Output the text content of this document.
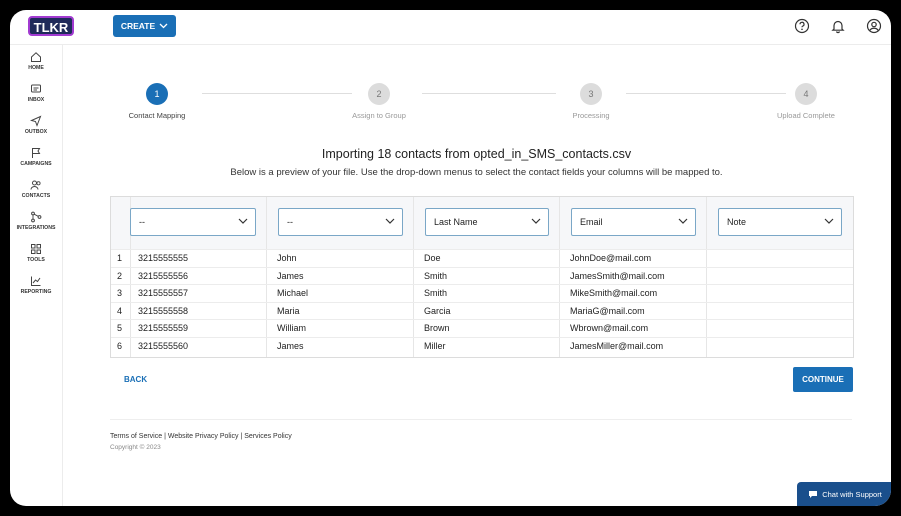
TLKR	CREATE
HOME
INBOX
OUTBOX
CAMPAIGNS
CONTACTS
INTEGRATIONS
TOOLS
REPORTING
1
Contact Mapping
2
Assign to Group
3
Processing
4
Upload Complete
Importing 18 contacts from opted_in_SMS_contacts.csv
Below is a preview of your file. Use the drop-down menus to select the contact fields your columns will be mapped to.
--	--	Last Name	Email	Note
1 3215555555	John	Doe	JohnDoe@mail.com
2 3215555556	James	Smith	JamesSmith@mail.com
3 3215555557	Michael	Smith	MikeSmith@mail.com
4 3215555558	Maria	Garcia	MariaG@mail.com
5 3215555559	William	Brown	Wbrown@mail.com
6 3215555560	James	Miller	JamesMiller@mail.com
BACK	CONTINUE
Terms of Service | Website Privacy Policy | Services Policy
Copyright © 2023
Chat with Support
